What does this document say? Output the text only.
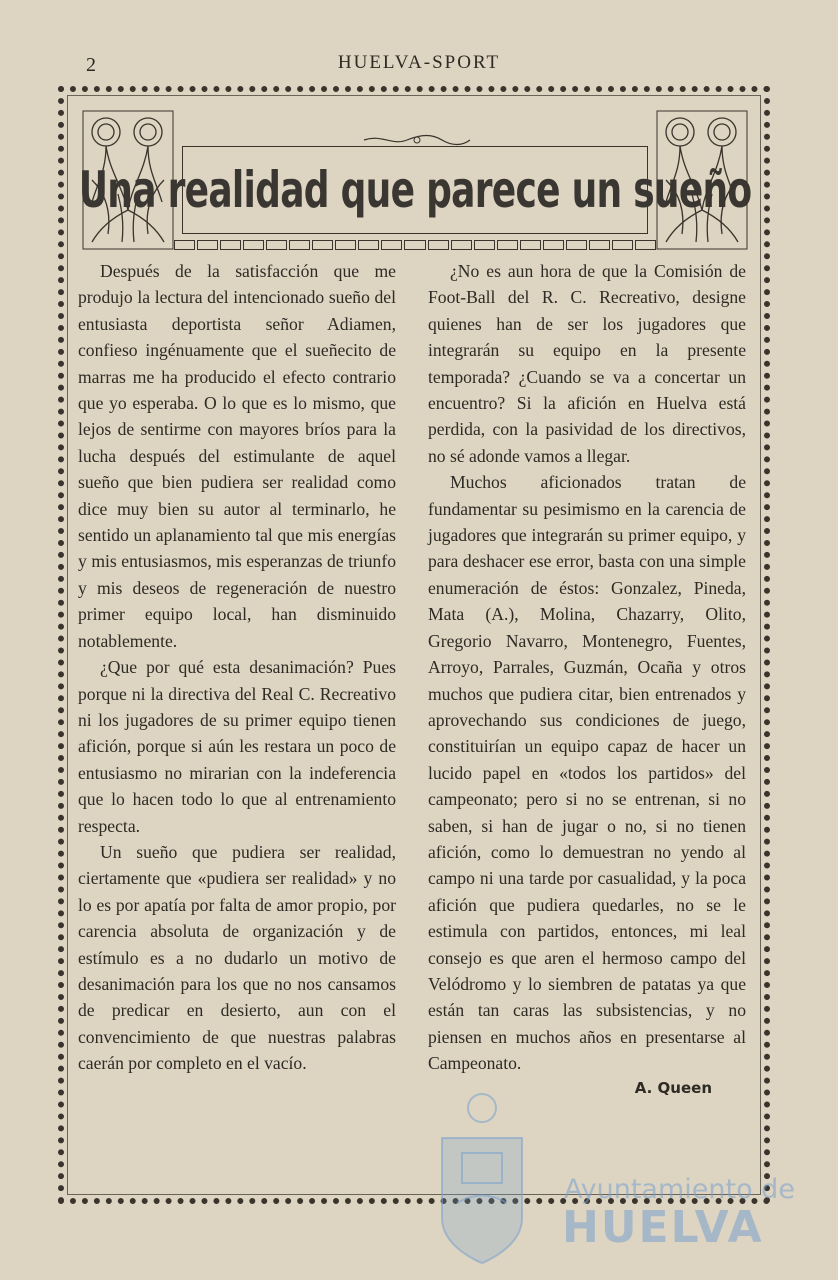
2	HUELVA-SPORT
Una realidad que parece un sueño

Después de la satisfacción que me produjo la lectura del intencionado sueño del entusiasta deportista señor Adiamen, confieso ingénuamente que el sueñecito de marras me ha producido el efecto contrario que yo esperaba. O lo que es lo mismo, que lejos de sentirme con mayores bríos para la lucha después del estimulante de aquel sueño que bien pudiera ser realidad como dice muy bien su autor al terminarlo, he sentido un aplanamiento tal que mis energías y mis entusiasmos, mis esperanzas de triunfo y mis deseos de regeneración de nuestro primer equipo local, han disminuido notablemente.

¿Que por qué esta desanimación? Pues porque ni la directiva del Real C. Recreativo ni los jugadores de su primer equipo tienen afición, porque si aún les restara un poco de entusiasmo no mirarian con la indeferencia que lo hacen todo lo que al entrenamiento respecta.

Un sueño que pudiera ser realidad, ciertamente que «pudiera ser realidad» y no lo es por apatía por falta de amor propio, por carencia absoluta de organización y de estímulo es a no dudarlo un motivo de desanimación para los que no nos cansamos de predicar en desierto, aun con el convencimiento de que nuestras palabras caerán por completo en el vacío.

¿No es aun hora de que la Comisión de Foot-Ball del R. C. Recreativo, designe quienes han de ser los jugadores que integrarán su equipo en la presente temporada? ¿Cuando se va a concertar un encuentro? Si la afición en Huelva está perdida, con la pasividad de los directivos, no sé adonde vamos a llegar.

Muchos aficionados tratan de fundamentar su pesimismo en la carencia de jugadores que integrarán su primer equipo, y para deshacer ese error, basta con una simple enumeración de éstos: Gonzalez, Pineda, Mata (A.), Molina, Chazarry, Olito, Gregorio Navarro, Montenegro, Fuentes, Arroyo, Parrales, Guzmán, Ocaña y otros muchos que pudiera citar, bien entrenados y aprovechando sus condiciones de juego, constituirían un equipo capaz de hacer un lucido papel en «todos los partidos» del campeonato; pero si no se entrenan, si no saben, si han de jugar o no, si no tienen afición, como lo demuestran no yendo al campo ni una tarde por casualidad, y la poca afición que pudiera quedarles, no se le estimula con partidos, entonces, mi leal consejo es que aren el hermoso campo del Velódromo y lo siembren de patatas ya que están tan caras las subsistencias, y no piensen en muchos años en presentarse al Campeonato.

A. Queen
Ayuntamiento de
HUELVA
